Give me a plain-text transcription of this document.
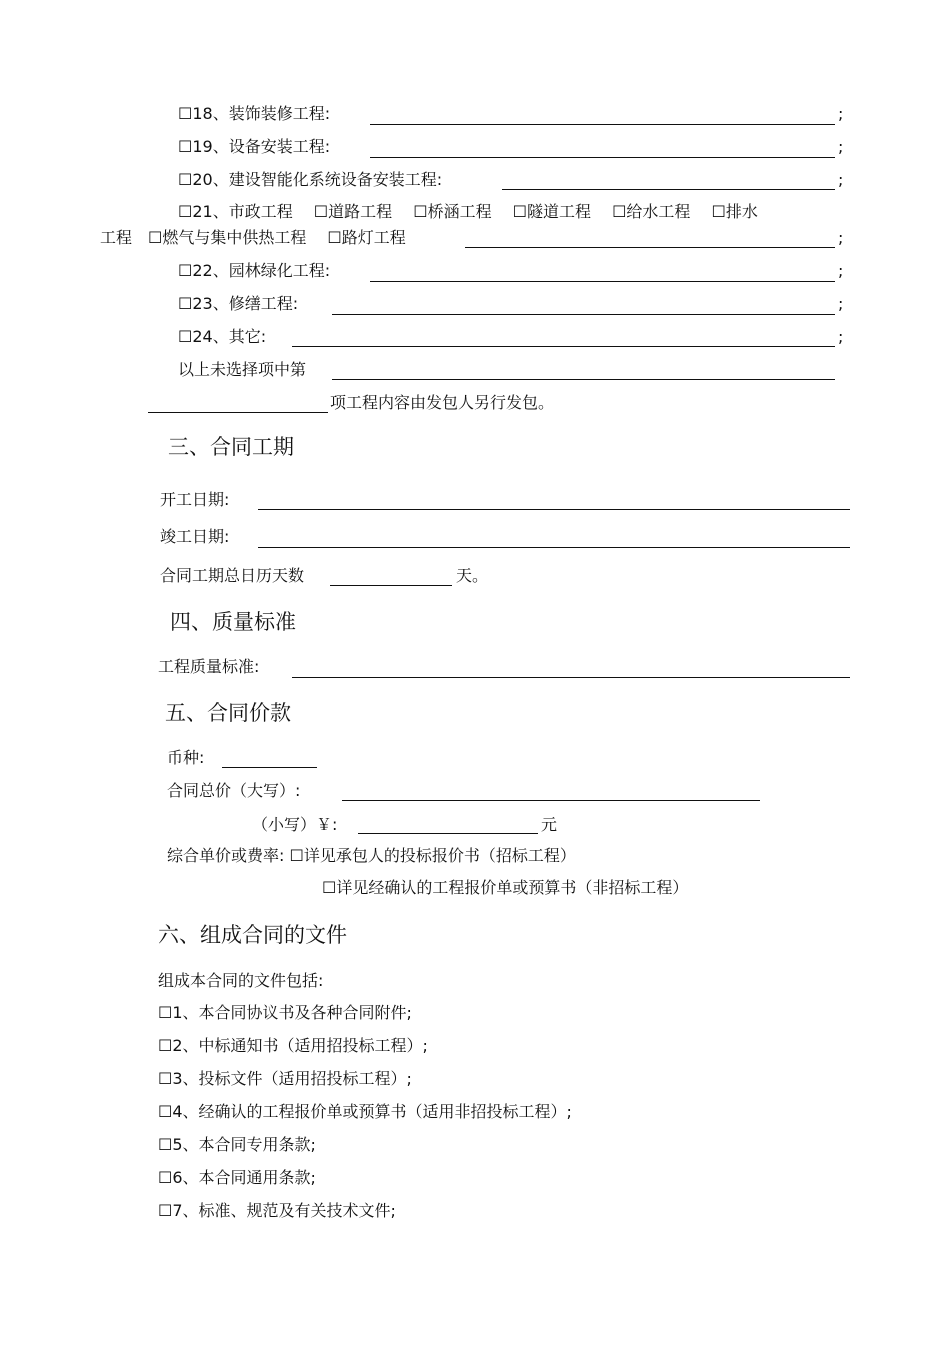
☐18、装饰装修工程:	;
☐19、设备安装工程:	;
☐20、建设智能化系统设备安装工程:	;
☐21、市政工程　 ☐道路工程　 ☐桥涵工程　 ☐隧道工程　 ☐给水工程　 ☐排水
工程　☐燃气与集中供热工程　 ☐路灯工程	;
☐22、园林绿化工程:	;
☐23、修缮工程:	;
☐24、其它:	;
以上未选择项中第
项工程内容由发包人另行发包。
三、合同工期
开工日期:
竣工日期:
合同工期总日历天数	天。
四、质量标准
工程质量标准:
五、合同价款
币种:
合同总价（大写）:
（小写）￥:	元
综合单价或费率: ☐详见承包人的投标报价书（招标工程）
☐详见经确认的工程报价单或预算书（非招标工程）
六、组成合同的文件
组成本合同的文件包括:
☐1、本合同协议书及各种合同附件;
☐2、中标通知书（适用招投标工程）;
☐3、投标文件（适用招投标工程）;
☐4、经确认的工程报价单或预算书（适用非招投标工程）;
☐5、本合同专用条款;
☐6、本合同通用条款;
☐7、标准、规范及有关技术文件;
